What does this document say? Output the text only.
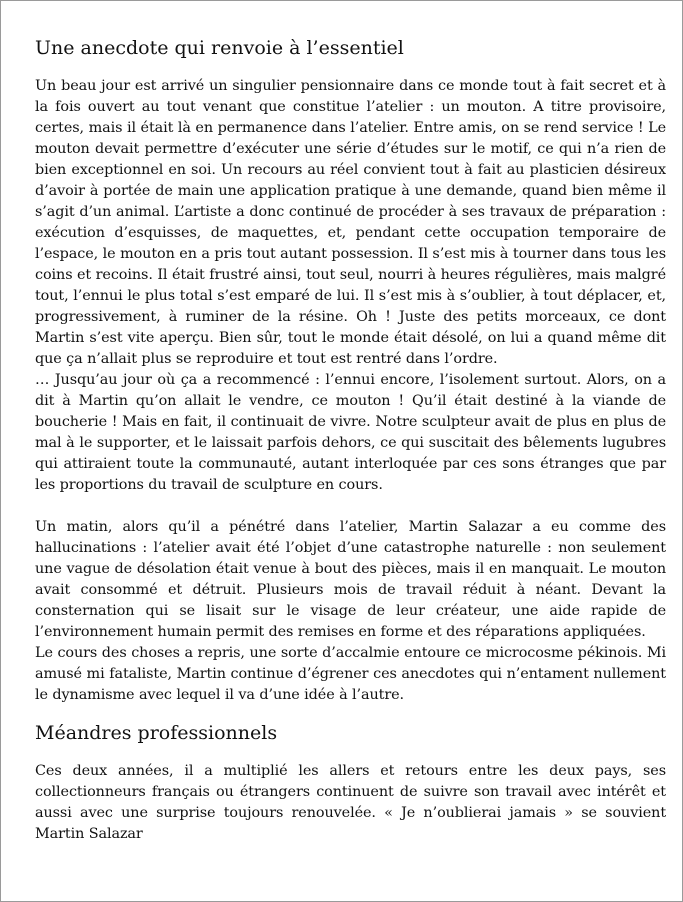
Une anecdote qui renvoie à l’essentiel

Un beau jour est arrivé un singulier pensionnaire dans ce monde tout à fait secret et à la fois ouvert au tout venant que constitue l’atelier : un mouton. A titre provisoire, certes, mais il était là en permanence dans l’atelier. Entre amis, on se rend service ! Le mouton devait permettre d’exécuter une série d’études sur le motif, ce qui n’a rien de bien exceptionnel en soi. Un recours au réel convient tout à fait au plasticien désireux d’avoir à portée de main une application pratique à une demande, quand bien même il s’agit d’un animal. L’artiste a donc continué de procéder à ses travaux de préparation : exécution d’esquisses, de maquettes, et, pendant cette occupation temporaire de l’espace, le mouton en a pris tout autant possession. Il s’est mis à tourner dans tous les coins et recoins. Il était frustré ainsi, tout seul, nourri à heures régulières, mais malgré tout, l’ennui le plus total s’est emparé de lui. Il s’est mis à s’oublier, à tout déplacer, et, progressivement, à ruminer de la résine. Oh ! Juste des petits morceaux, ce dont Martin s’est vite aperçu. Bien sûr, tout le monde était désolé, on lui a quand même dit que ça n’allait plus se reproduire et tout est rentré dans l’ordre.

… Jusqu’au jour où ça a recommencé : l’ennui encore, l’isolement surtout. Alors, on a dit à Martin qu’on allait le vendre, ce mouton ! Qu’il était destiné à la viande de boucherie ! Mais en fait, il continuait de vivre. Notre sculpteur avait de plus en plus de mal à le supporter, et le laissait parfois dehors, ce qui suscitait des bêlements lugubres qui attiraient toute la communauté, autant interloquée par ces sons étranges que par les proportions du travail de sculpture en cours.

Un matin, alors qu’il a pénétré dans l’atelier, Martin Salazar a eu comme des hallucinations : l’atelier avait été l’objet d’une catastrophe naturelle : non seulement une vague de désolation était venue à bout des pièces, mais il en manquait. Le mouton avait consommé et détruit. Plusieurs mois de travail réduit à néant. Devant la consternation qui se lisait sur le visage de leur créateur, une aide rapide de l’environnement humain permit des remises en forme et des réparations appliquées.

Le cours des choses a repris, une sorte d’accalmie entoure ce microcosme pékinois. Mi amusé mi fataliste, Martin continue d’égrener ces anecdotes qui n’entament nullement le dynamisme avec lequel il va d’une idée à l’autre.

Méandres professionnels

Ces deux années, il a multiplié les allers et retours entre les deux pays, ses collectionneurs français ou étrangers continuent de suivre son travail avec intérêt et aussi avec une surprise toujours renouvelée. « Je n’oublierai jamais » se souvient Martin Salazar
